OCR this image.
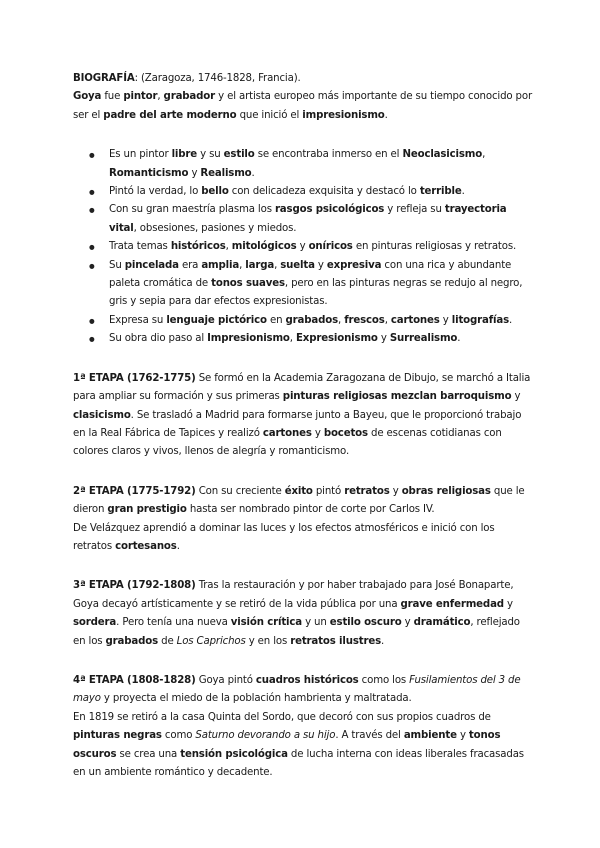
BIOGRAFÍA: (Zaragoza, 1746-1828, Francia).

Goya fue pintor, grabador y el artista europeo más importante de su tiempo conocido por ser el padre del arte moderno que inició el impresionismo.

● Es un pintor libre y su estilo se encontraba inmerso en el Neoclasicismo, Romanticismo y Realismo.
● Pintó la verdad, lo bello con delicadeza exquisita y destacó lo terrible.
● Con su gran maestría plasma los rasgos psicológicos y refleja su trayectoria vital, obsesiones, pasiones y miedos.
● Trata temas históricos, mitológicos y oníricos en pinturas religiosas y retratos.
● Su pincelada era amplia, larga, suelta y expresiva con una rica y abundante paleta cromática de tonos suaves, pero en las pinturas negras se redujo al negro, gris y sepia para dar efectos expresionistas.
● Expresa su lenguaje pictórico en grabados, frescos, cartones y litografías.
● Su obra dio paso al Impresionismo, Expresionismo y Surrealismo.

1ª ETAPA (1762-1775) Se formó en la Academia Zaragozana de Dibujo, se marchó a Italia para ampliar su formación y sus primeras pinturas religiosas mezclan barroquismo y clasicismo. Se trasladó a Madrid para formarse junto a Bayeu, que le proporcionó trabajo en la Real Fábrica de Tapices y realizó cartones y bocetos de escenas cotidianas con colores claros y vivos, llenos de alegría y romanticismo.

2ª ETAPA (1775-1792) Con su creciente éxito pintó retratos y obras religiosas que le dieron gran prestigio hasta ser nombrado pintor de corte por Carlos IV.

De Velázquez aprendió a dominar las luces y los efectos atmosféricos e inició con los retratos cortesanos.

3ª ETAPA (1792-1808) Tras la restauración y por haber trabajado para José Bonaparte, Goya decayó artísticamente y se retiró de la vida pública por una grave enfermedad y sordera. Pero tenía una nueva visión crítica y un estilo oscuro y dramático, reflejado en los grabados de Los Caprichos y en los retratos ilustres.

4ª ETAPA (1808-1828) Goya pintó cuadros históricos como los Fusilamientos del 3 de mayo y proyecta el miedo de la población hambrienta y maltratada.

En 1819 se retiró a la casa Quinta del Sordo, que decoró con sus propios cuadros de pinturas negras como Saturno devorando a su hijo. A través del ambiente y tonos oscuros se crea una tensión psicológica de lucha interna con ideas liberales fracasadas en un ambiente romántico y decadente.
